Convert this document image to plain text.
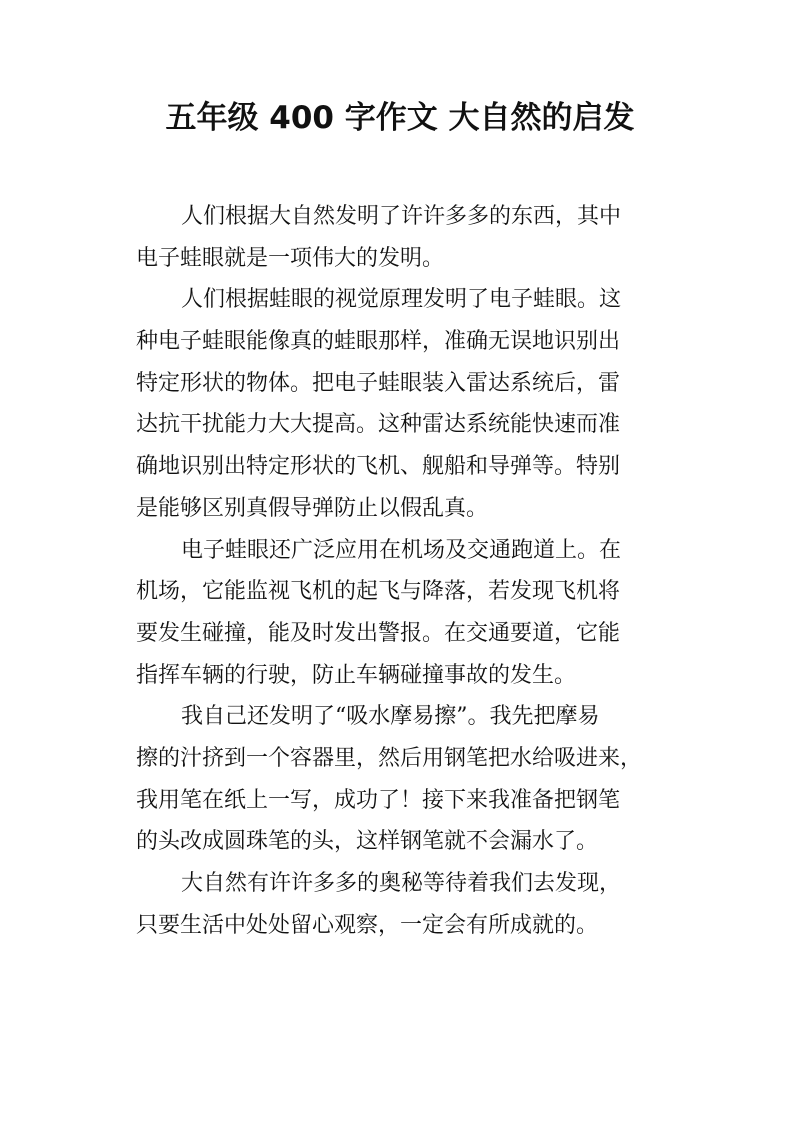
五年级 400 字作文 大自然的启发
人们根据大自然发明了许许多多的东西，其中
电子蛙眼就是一项伟大的发明。
人们根据蛙眼的视觉原理发明了电子蛙眼。这
种电子蛙眼能像真的蛙眼那样，准确无误地识别出
特定形状的物体。把电子蛙眼装入雷达系统后，雷
达抗干扰能力大大提高。这种雷达系统能快速而准
确地识别出特定形状的飞机、舰船和导弹等。特别
是能够区别真假导弹防止以假乱真。
电子蛙眼还广泛应用在机场及交通跑道上。在
机场，它能监视飞机的起飞与降落，若发现飞机将
要发生碰撞，能及时发出警报。在交通要道，它能
指挥车辆的行驶，防止车辆碰撞事故的发生。
我自己还发明了“吸水摩易擦”。我先把摩易
擦的汁挤到一个容器里，然后用钢笔把水给吸进来，
我用笔在纸上一写，成功了！接下来我准备把钢笔
的头改成圆珠笔的头，这样钢笔就不会漏水了。
大自然有许许多多的奥秘等待着我们去发现，
只要生活中处处留心观察，一定会有所成就的。
